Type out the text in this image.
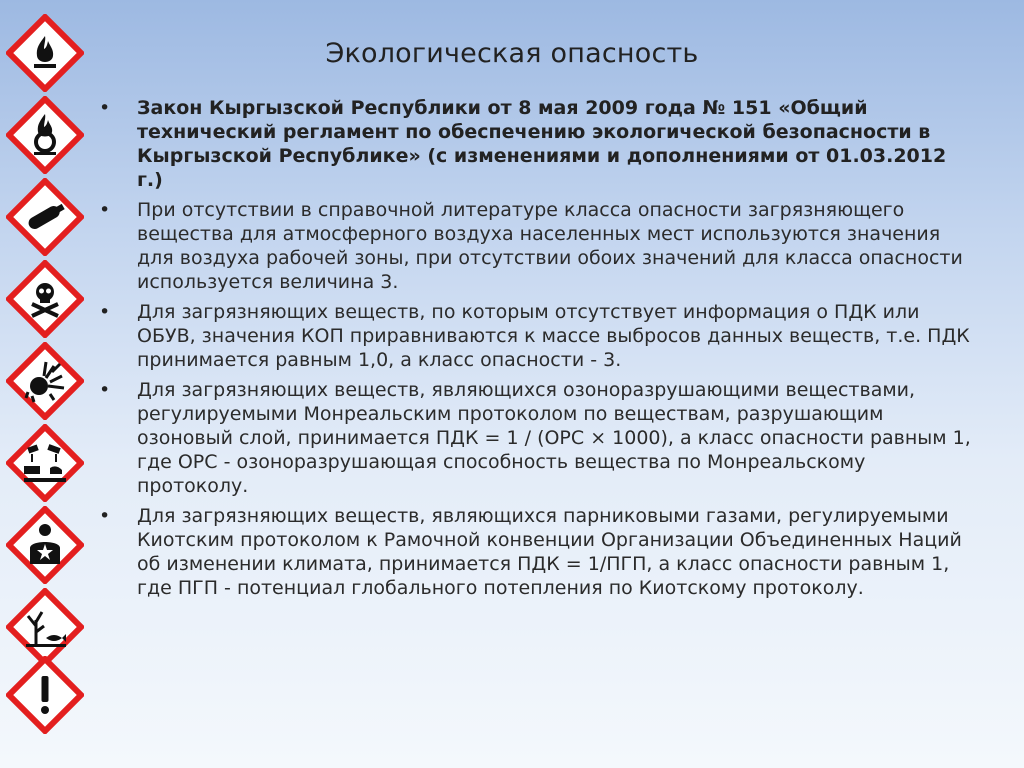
Экологическая опасность
• Закон Кыргызской Республики от 8 мая 2009 года № 151 «Общий технический регламент по обеспечению экологической безопасности в Кыргызской Республике» (с изменениями и дополнениями от 01.03.2012 г.)
• При отсутствии в справочной литературе класса опасности загрязняющего вещества для атмосферного воздуха населенных мест используются значения для воздуха рабочей зоны, при отсутствии обоих значений для класса опасности используется величина 3.
• Для загрязняющих веществ, по которым отсутствует информация о ПДК или ОБУВ, значения КОП приравниваются к массе выбросов данных веществ, т.е. ПДК принимается равным 1,0, а класс опасности - 3.
• Для загрязняющих веществ, являющихся озоноразрушающими веществами, регулируемыми Монреальским протоколом по веществам, разрушающим озоновый слой, принимается ПДК = 1 / (ОРС × 1000), а класс опасности равным 1, где ОРС - озоноразрушающая способность вещества по Монреальскому протоколу.
• Для загрязняющих веществ, являющихся парниковыми газами, регулируемыми Киотским протоколом к Рамочной конвенции Организации Объединенных Наций об изменении климата, принимается ПДК = 1/ПГП, а класс опасности равным 1, где ПГП - потенциал глобального потепления по Киотскому протоколу.
